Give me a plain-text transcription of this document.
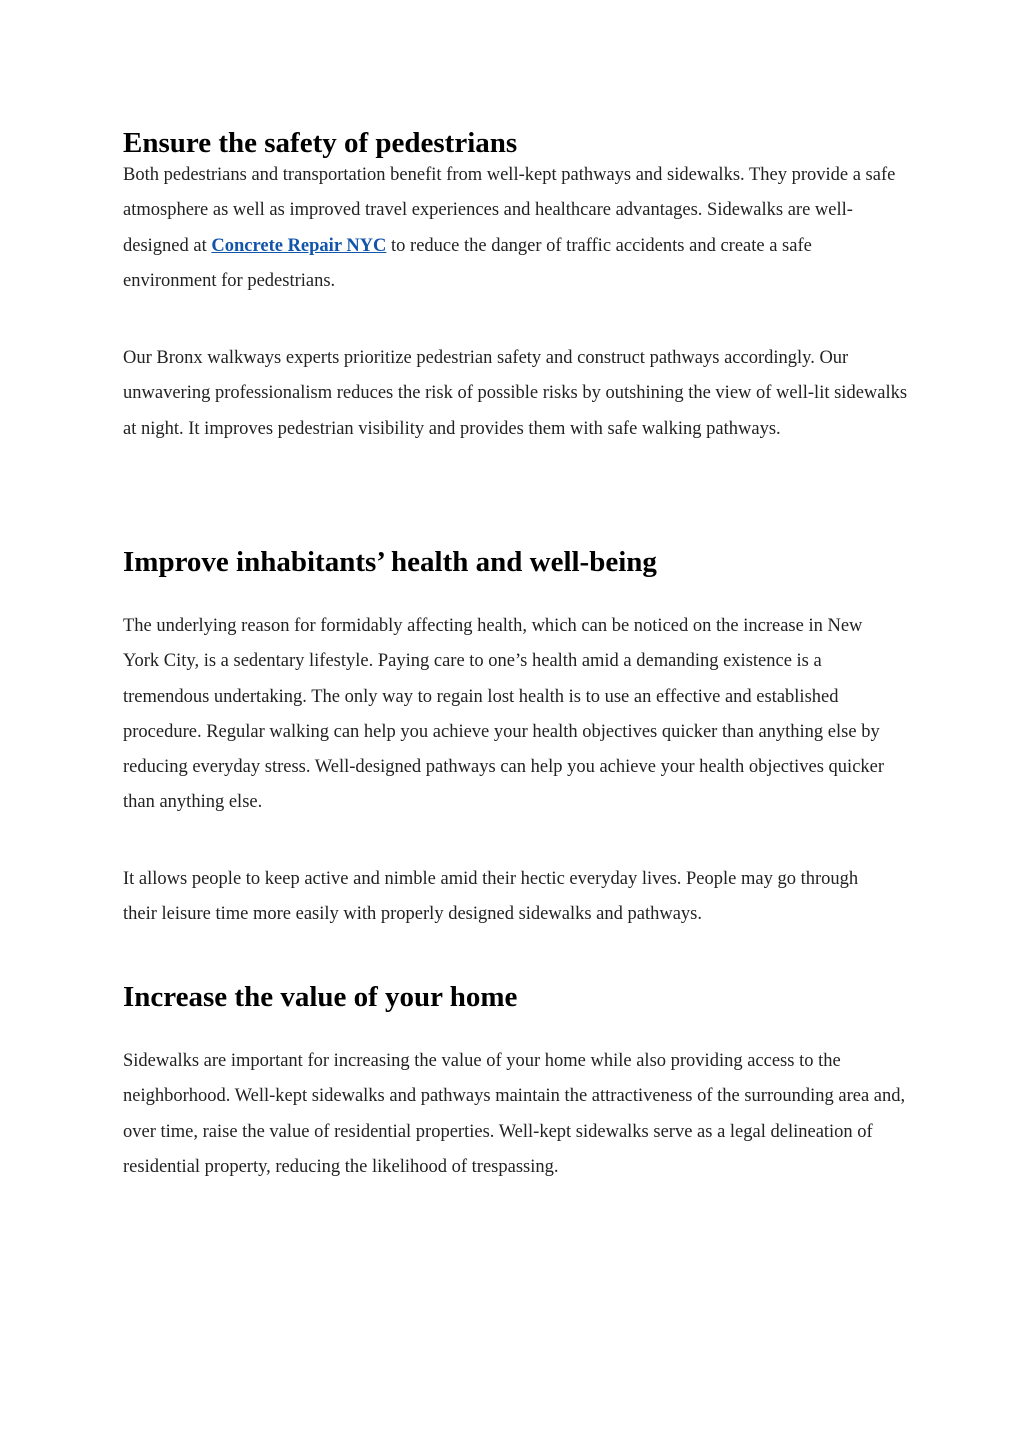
Ensure the safety of pedestrians

Both pedestrians and transportation benefit from well-kept pathways and sidewalks. They provide a safe atmosphere as well as improved travel experiences and healthcare advantages. Sidewalks are well-designed at Concrete Repair NYC to reduce the danger of traffic accidents and create a safe environment for pedestrians.

Our Bronx walkways experts prioritize pedestrian safety and construct pathways accordingly. Our unwavering professionalism reduces the risk of possible risks by outshining the view of well-lit sidewalks at night. It improves pedestrian visibility and provides them with safe walking pathways.

Improve inhabitants’ health and well-being

The underlying reason for formidably affecting health, which can be noticed on the increase in New York City, is a sedentary lifestyle. Paying care to one’s health amid a demanding existence is a tremendous undertaking. The only way to regain lost health is to use an effective and established procedure. Regular walking can help you achieve your health objectives quicker than anything else by reducing everyday stress. Well-designed pathways can help you achieve your health objectives quicker than anything else.

It allows people to keep active and nimble amid their hectic everyday lives. People may go through their leisure time more easily with properly designed sidewalks and pathways.

Increase the value of your home

Sidewalks are important for increasing the value of your home while also providing access to the neighborhood. Well-kept sidewalks and pathways maintain the attractiveness of the surrounding area and, over time, raise the value of residential properties. Well-kept sidewalks serve as a legal delineation of residential property, reducing the likelihood of trespassing.
